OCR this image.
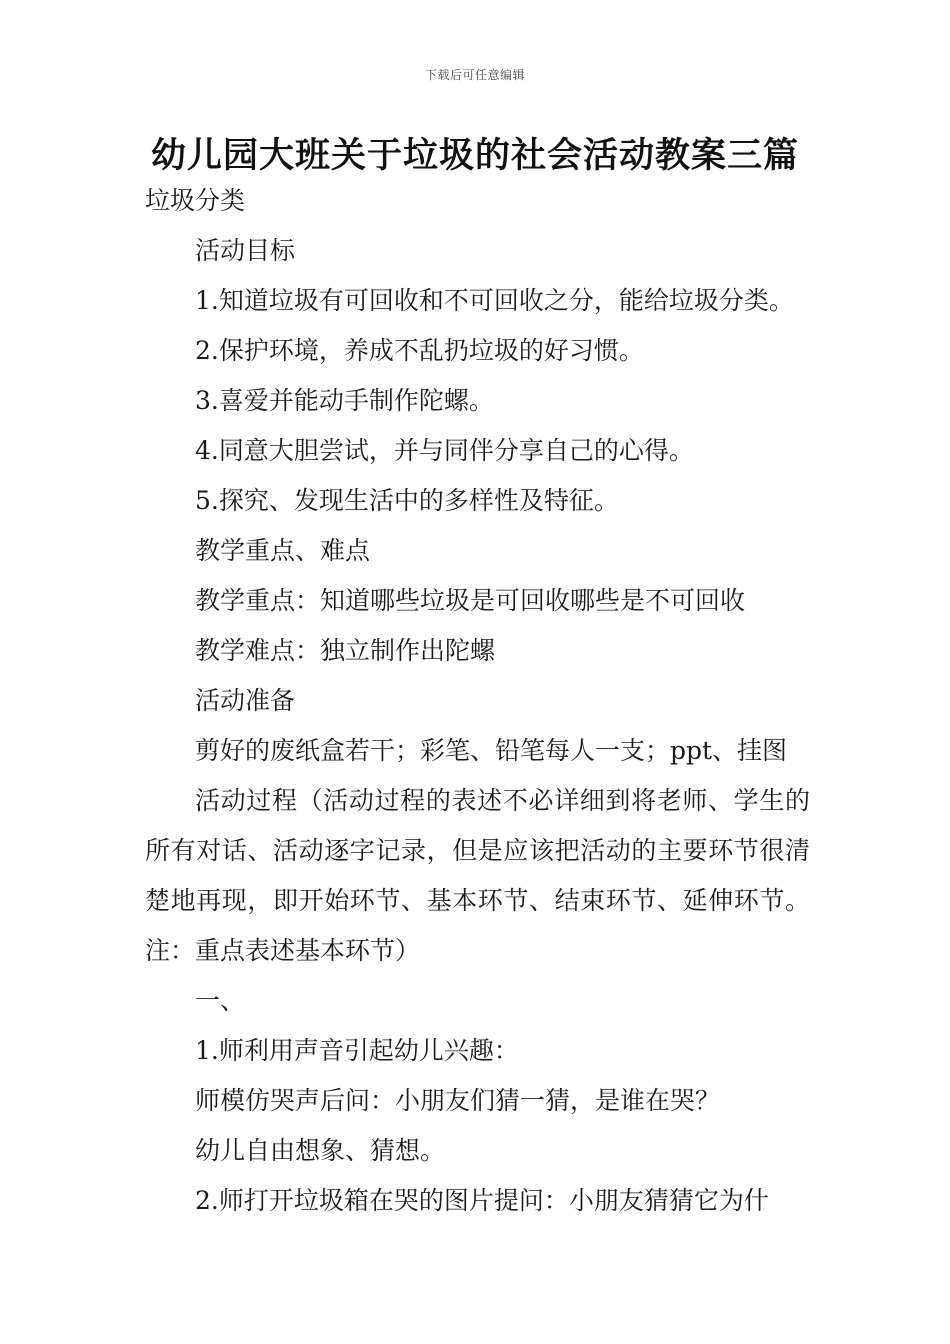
下载后可任意编辑
幼儿园大班关于垃圾的社会活动教案三篇

垃圾分类

活动目标

1.知道垃圾有可回收和不可回收之分，能给垃圾分类。

2.保护环境，养成不乱扔垃圾的好习惯。

3.喜爱并能动手制作陀螺。

4.同意大胆尝试，并与同伴分享自己的心得。

5.探究、发现生活中的多样性及特征。

教学重点、难点

教学重点：知道哪些垃圾是可回收哪些是不可回收

教学难点：独立制作出陀螺

活动准备

剪好的废纸盒若干；彩笔、铅笔每人一支；ppt、挂图

活动过程（活动过程的表述不必详细到将老师、学生的所有对话、活动逐字记录，但是应该把活动的主要环节很清楚地再现，即开始环节、基本环节、结束环节、延伸环节。注：重点表述基本环节）

一、

1.师利用声音引起幼儿兴趣：

师模仿哭声后问：小朋友们猜一猜，是谁在哭？

幼儿自由想象、猜想。

2.师打开垃圾箱在哭的图片提问：小朋友猜猜它为什
